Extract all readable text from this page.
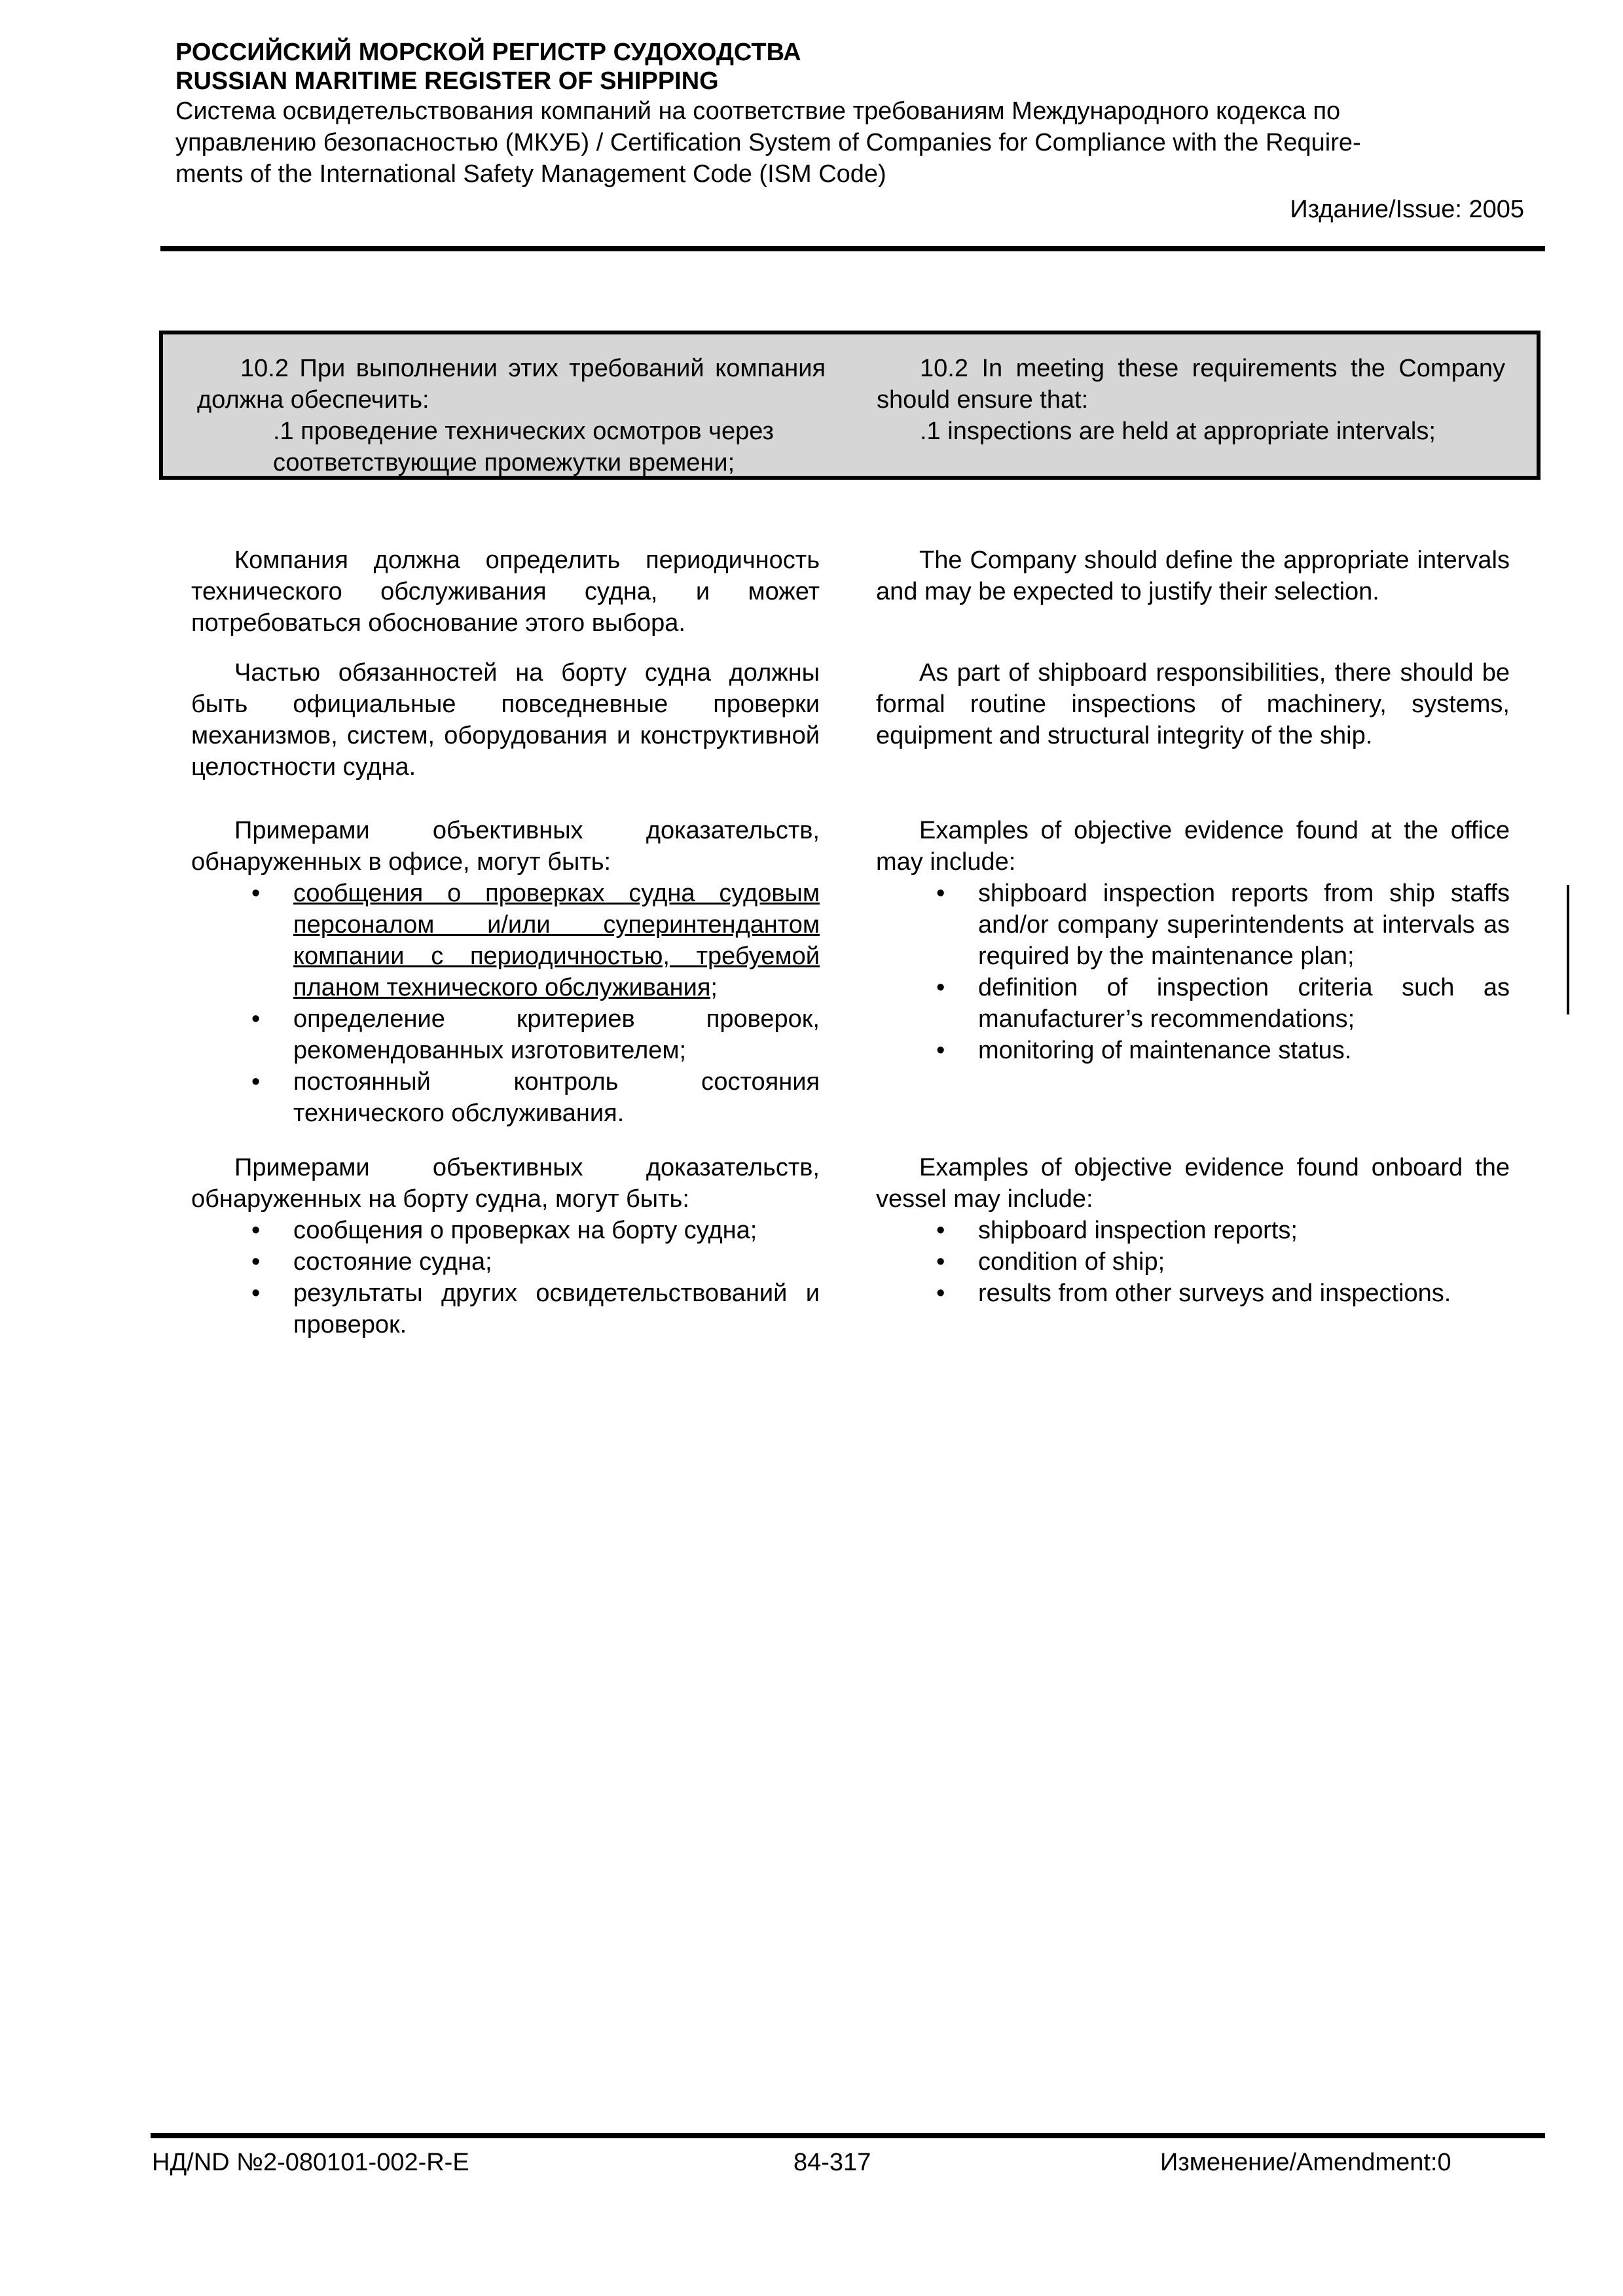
РОССИЙСКИЙ МОРСКОЙ РЕГИСТР СУДОХОДСТВА
RUSSIAN MARITIME REGISTER OF SHIPPING
Система освидетельствования компаний на соответствие требованиям Международного кодекса по
управлению безопасностью (МКУБ) / Certification System of Companies for Compliance with the Require-
ments of the International Safety Management Code (ISM Code)
Издание/Issue: 2005
10.2 При выполнении этих требований компания должна обеспечить:
.1 проведение технических осмотров через соответствующие промежутки времени;
10.2 In meeting these requirements the Company should ensure that:
.1 inspections are held at appropriate intervals;

Компания должна определить периодичность технического обслуживания судна, и может потребоваться обоснование этого выбора.

Частью обязанностей на борту судна должны быть официальные повседневные проверки механизмов, систем, оборудования и конструктивной целостности судна.

Примерами объективных доказательств, обнаруженных в офисе, могут быть:

• сообщения о проверках судна судовым персоналом и/или суперинтендантом компании с периодичностью, требуемой планом технического обслуживания;
• определение критериев проверок, рекомендованных изготовителем;
• постоянный контроль состояния технического обслуживания.

Примерами объективных доказательств, обнаруженных на борту судна, могут быть:

• сообщения о проверках на борту судна;
• состояние судна;
• результаты других освидетельствований и проверок.

The Company should define the appropriate intervals and may be expected to justify their selection.

As part of shipboard responsibilities, there should be formal routine inspections of machinery, systems, equipment and structural integrity of the ship.

Examples of objective evidence found at the office may include:

• shipboard inspection reports from ship staffs and/or company superintendents at intervals as required by the maintenance plan;
• definition of inspection criteria such as manufacturer’s recommendations;
• monitoring of maintenance status.

Examples of objective evidence found onboard the vessel may include:

• shipboard inspection reports;
• condition of ship;
• results from other surveys and inspections.
НД/ND №2-080101-002-R-E	84-317	Изменение/Amendment:0
